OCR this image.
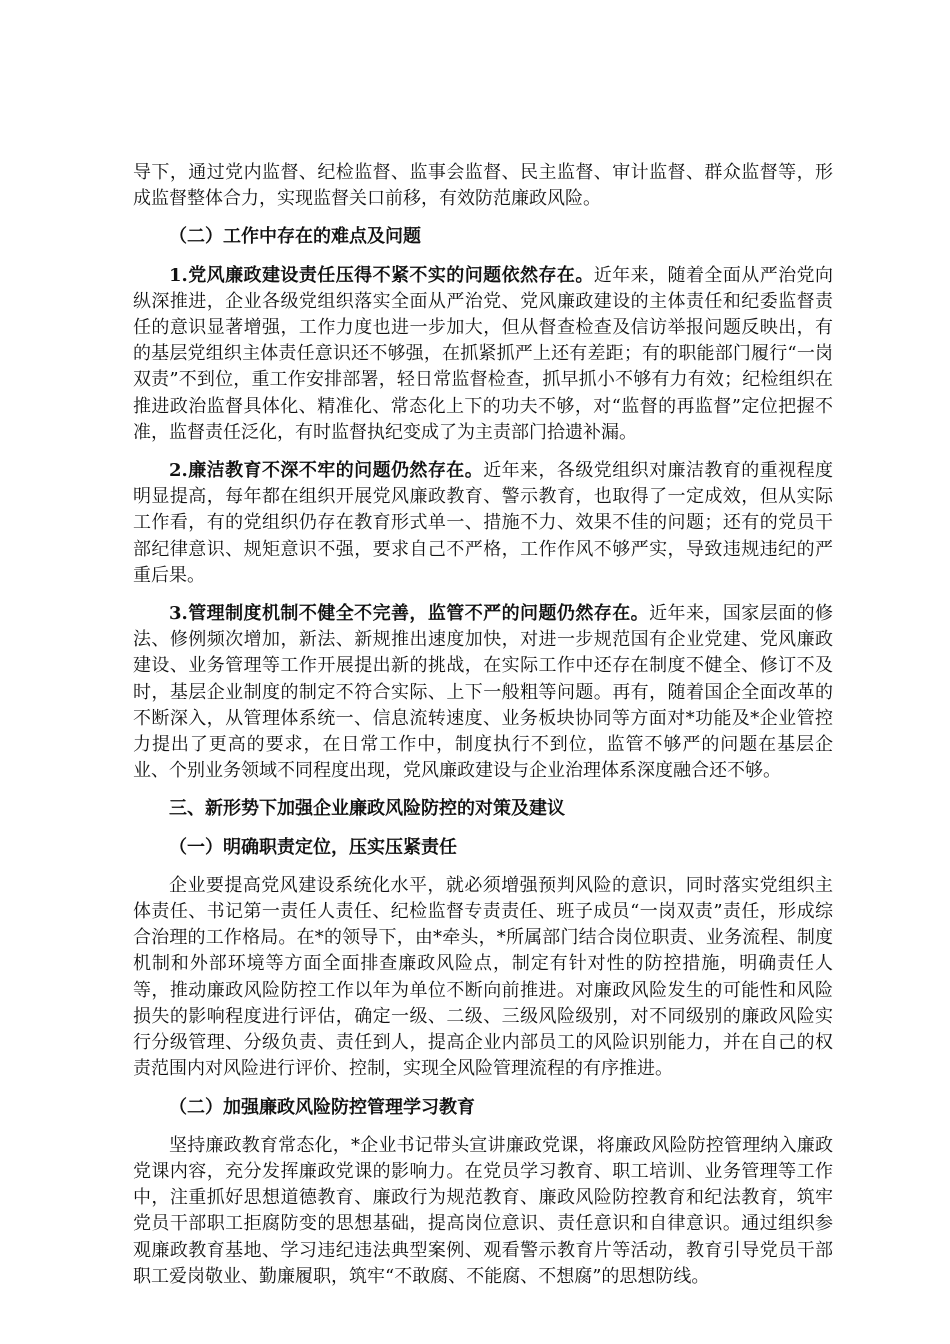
导下，通过党内监督、纪检监督、监事会监督、民主监督、审计监督、群众监督等，形成监督整体合力，实现监督关口前移，有效防范廉政风险。

（二）工作中存在的难点及问题

1.党风廉政建设责任压得不紧不实的问题依然存在。近年来，随着全面从严治党向纵深推进，企业各级党组织落实全面从严治党、党风廉政建设的主体责任和纪委监督责任的意识显著增强，工作力度也进一步加大，但从督查检查及信访举报问题反映出，有的基层党组织主体责任意识还不够强，在抓紧抓严上还有差距；有的职能部门履行“一岗双责”不到位，重工作安排部署，轻日常监督检查，抓早抓小不够有力有效；纪检组织在推进政治监督具体化、精准化、常态化上下的功夫不够，对“监督的再监督”定位把握不准，监督责任泛化，有时监督执纪变成了为主责部门拾遗补漏。

2.廉洁教育不深不牢的问题仍然存在。近年来，各级党组织对廉洁教育的重视程度明显提高，每年都在组织开展党风廉政教育、警示教育，也取得了一定成效，但从实际工作看，有的党组织仍存在教育形式单一、措施不力、效果不佳的问题；还有的党员干部纪律意识、规矩意识不强，要求自己不严格，工作作风不够严实，导致违规违纪的严重后果。

3.管理制度机制不健全不完善，监管不严的问题仍然存在。近年来，国家层面的修法、修例频次增加，新法、新规推出速度加快，对进一步规范国有企业党建、党风廉政建设、业务管理等工作开展提出新的挑战，在实际工作中还存在制度不健全、修订不及时，基层企业制度的制定不符合实际、上下一般粗等问题。再有，随着国企全面改革的不断深入，从管理体系统一、信息流转速度、业务板块协同等方面对*功能及*企业管控力提出了更高的要求，在日常工作中，制度执行不到位，监管不够严的问题在基层企业、个别业务领域不同程度出现，党风廉政建设与企业治理体系深度融合还不够。

三、新形势下加强企业廉政风险防控的对策及建议

（一）明确职责定位，压实压紧责任

企业要提高党风建设系统化水平，就必须增强预判风险的意识，同时落实党组织主体责任、书记第一责任人责任、纪检监督专责责任、班子成员“一岗双责”责任，形成综合治理的工作格局。在*的领导下，由*牵头，*所属部门结合岗位职责、业务流程、制度机制和外部环境等方面全面排查廉政风险点，制定有针对性的防控措施，明确责任人等，推动廉政风险防控工作以年为单位不断向前推进。对廉政风险发生的可能性和风险损失的影响程度进行评估，确定一级、二级、三级风险级别，对不同级别的廉政风险实行分级管理、分级负责、责任到人，提高企业内部员工的风险识别能力，并在自己的权责范围内对风险进行评价、控制，实现全风险管理流程的有序推进。

（二）加强廉政风险防控管理学习教育

坚持廉政教育常态化，*企业书记带头宣讲廉政党课，将廉政风险防控管理纳入廉政党课内容，充分发挥廉政党课的影响力。在党员学习教育、职工培训、业务管理等工作中，注重抓好思想道德教育、廉政行为规范教育、廉政风险防控教育和纪法教育，筑牢党员干部职工拒腐防变的思想基础，提高岗位意识、责任意识和自律意识。通过组织参观廉政教育基地、学习违纪违法典型案例、观看警示教育片等活动，教育引导党员干部职工爱岗敬业、勤廉履职，筑牢“不敢腐、不能腐、不想腐”的思想防线。
